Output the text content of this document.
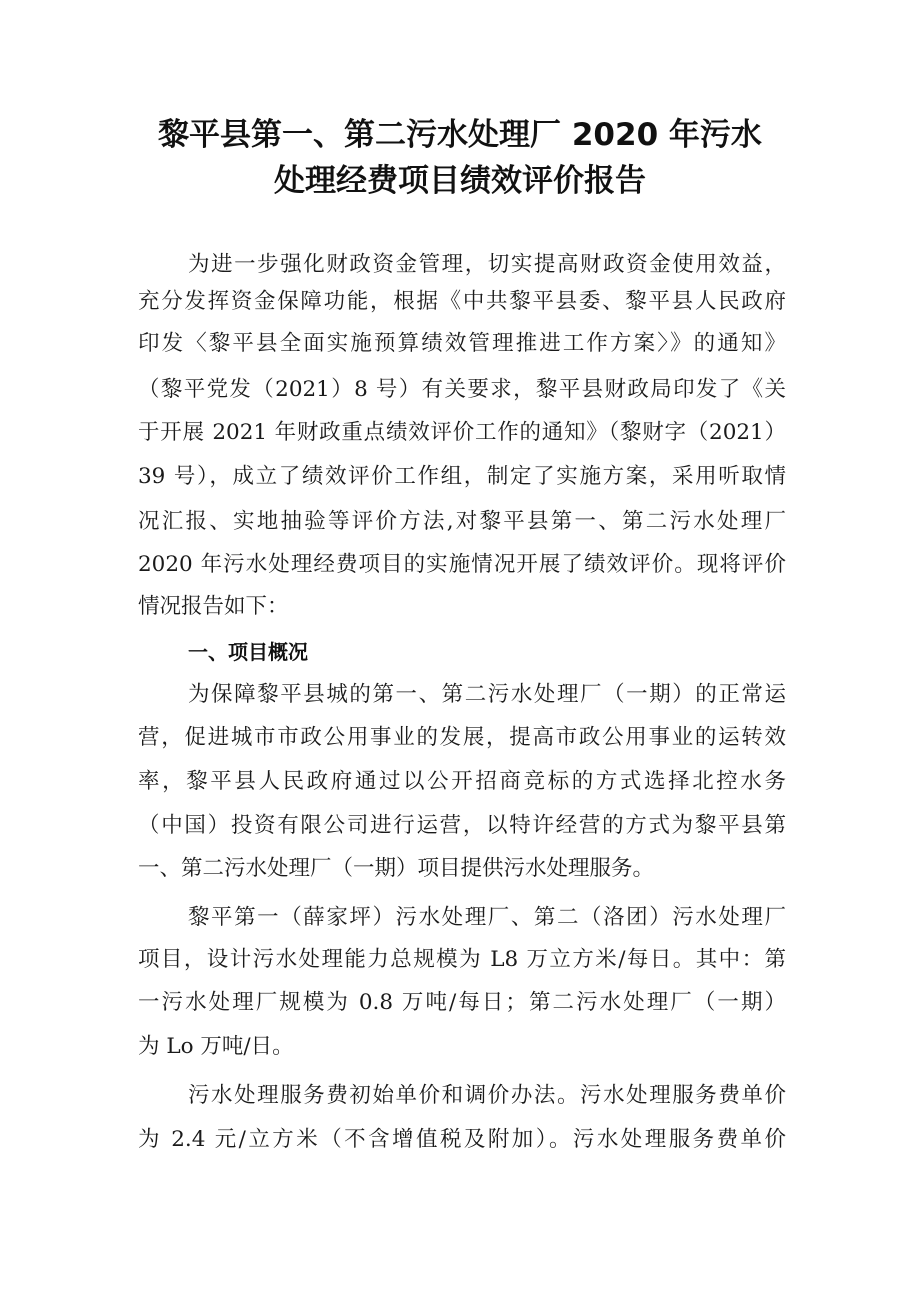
黎平县第一、第二污水处理厂 2020 年污水
处理经费项目绩效评价报告
为进一步强化财政资金管理，切实提高财政资金使用效益，
充分发挥资金保障功能，根据《中共黎平县委、黎平县人民政府
印发〈黎平县全面实施预算绩效管理推进工作方案〉》的通知》
（黎平党发（2021）8 号）有关要求，黎平县财政局印发了《关
于开展 2021 年财政重点绩效评价工作的通知》（黎财字（2021）
39 号），成立了绩效评价工作组，制定了实施方案，采用听取情
况汇报、实地抽验等评价方法,对黎平县第一、第二污水处理厂
2020 年污水处理经费项目的实施情况开展了绩效评价。现将评价
情况报告如下：
一、项目概况
为保障黎平县城的第一、第二污水处理厂（一期）的正常运
营，促进城市市政公用事业的发展，提高市政公用事业的运转效
率，黎平县人民政府通过以公开招商竞标的方式选择北控水务
（中国）投资有限公司进行运营，以特许经营的方式为黎平县第
一、第二污水处理厂（一期）项目提供污水处理服务。
黎平第一（薛家坪）污水处理厂、第二（洛团）污水处理厂
项目，设计污水处理能力总规模为 L8 万立方米/每日。其中：第
一污水处理厂规模为 0.8 万吨/每日；第二污水处理厂（一期）
为 Lo 万吨/日。
污水处理服务费初始单价和调价办法。污水处理服务费单价
为 2.4 元/立方米（不含增值税及附加）。污水处理服务费单价
